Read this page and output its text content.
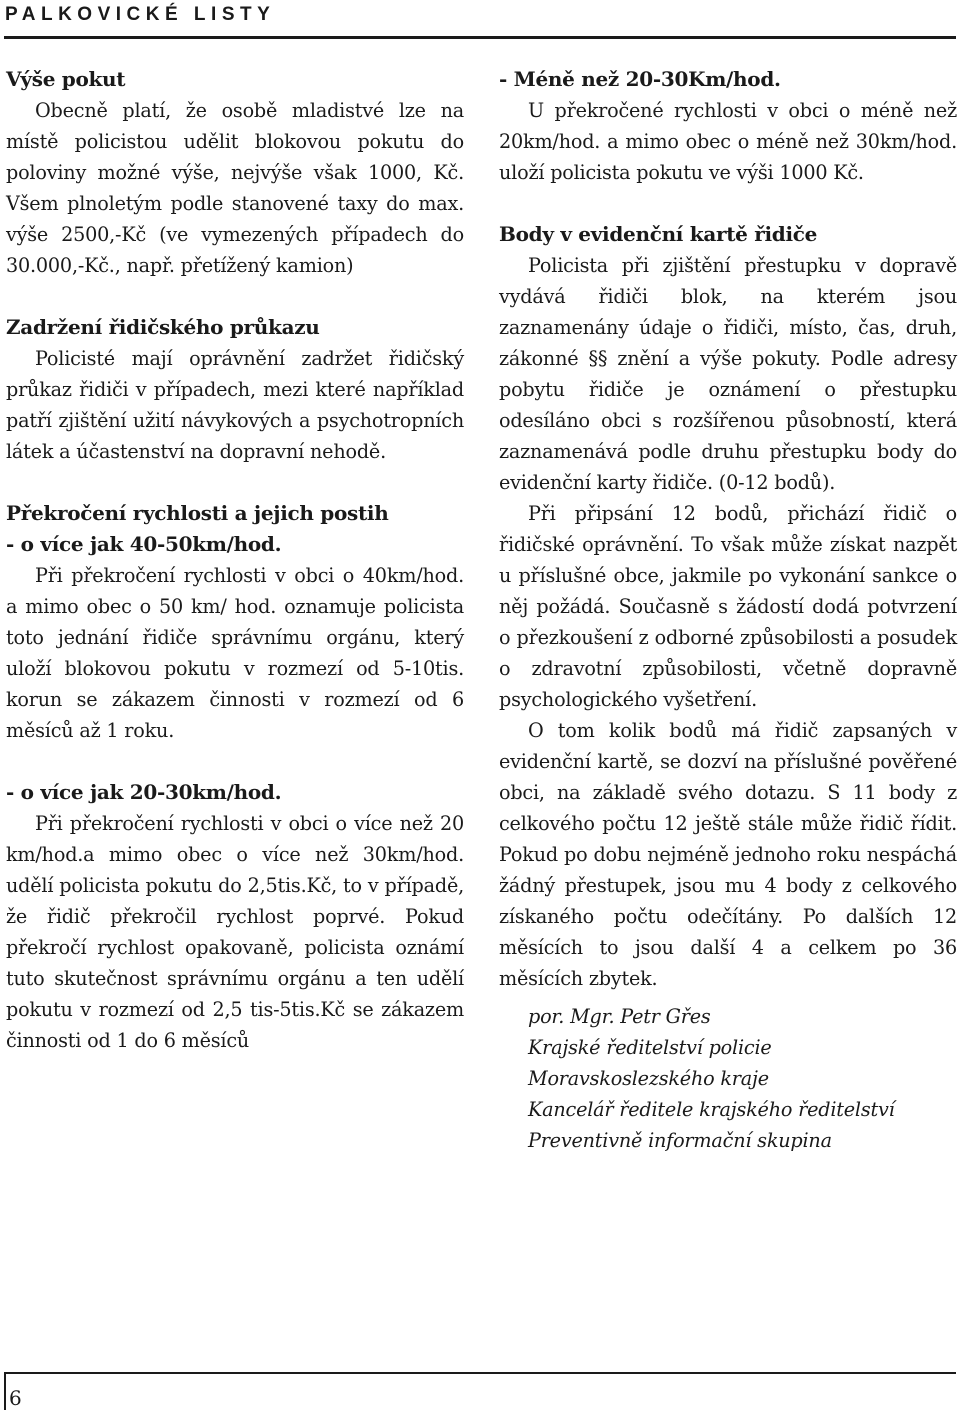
PALKOVICKÉ LISTY
Výše pokut

Obecně platí, že osobě mladistvé lze na místě policistou udělit blokovou pokutu do poloviny možné výše, nejvýše však 1000, Kč. Všem plnoletým podle stanovené taxy do max. výše 2500,-Kč (ve vymezených případech do 30.000,-Kč., např. přetížený kamion)

Zadržení řidičského průkazu

Policisté mají oprávnění zadržet řidičský průkaz řidiči v případech, mezi které například patří zjištění užití návykových a psychotropních látek a účastenství na dopravní nehodě.

Překročení rychlosti a jejich postih
- o více jak 40-50km/hod.

Při překročení rychlosti v obci o 40km/hod. a mimo obec o 50 km/ hod. oznamuje policista toto jednání řidiče správnímu orgánu, který uloží blokovou pokutu v rozmezí od 5-10tis. korun se zákazem činnosti v rozmezí od 6 měsíců až 1 roku.

- o více jak 20-30km/hod.

Při překročení rychlosti v obci o více než 20 km/hod.a mimo obec o více než 30km/hod. udělí policista pokutu do 2,5tis.Kč, to v případě, že řidič překročil rychlost poprvé. Pokud překročí rychlost opakovaně, policista oznámí tuto skutečnost správnímu orgánu a ten udělí pokutu v rozmezí od 2,5 tis-5tis.Kč se zákazem činnosti od 1 do 6 měsíců

- Méně než 20-30Km/hod.

U překročené rychlosti v obci o méně než 20km/hod. a mimo obec o méně než 30km/hod. uloží policista pokutu ve výši 1000 Kč.

Body v evidenční kartě řidiče

Policista při zjištění přestupku v dopravě vydává řidiči blok, na kterém jsou zaznamenány údaje o řidiči, místo, čas, druh, zákonné §§ znění a výše pokuty. Podle adresy pobytu řidiče je oznámení o přestupku odesíláno obci s rozšířenou působností, která zaznamenává podle druhu přestupku body do evidenční karty řidiče. (0-12 bodů).

Při připsání 12 bodů, přichází řidič o řidičské oprávnění. To však může získat nazpět u příslušné obce, jakmile po vykonání sankce o něj požádá. Současně s žádostí dodá potvrzení o přezkoušení z odborné způsobilosti a posudek o zdravotní způsobilosti, včetně dopravně psychologického vyšetření.

O tom kolik bodů má řidič zapsaných v evidenční kartě, se dozví na příslušné pověřené obci, na základě svého dotazu. S 11 body z celkového počtu 12 ještě stále může řidič řídit. Pokud po dobu nejméně jednoho roku nespáchá žádný přestupek, jsou mu 4 body z celkového získaného počtu odečítány. Po dalších 12 měsících to jsou další 4 a celkem po 36 měsících zbytek.

por. Mgr. Petr Gřes

Krajské ředitelství policie

Moravskoslezského kraje

Kancelář ředitele krajského ředitelství

Preventivně informační skupina

6
